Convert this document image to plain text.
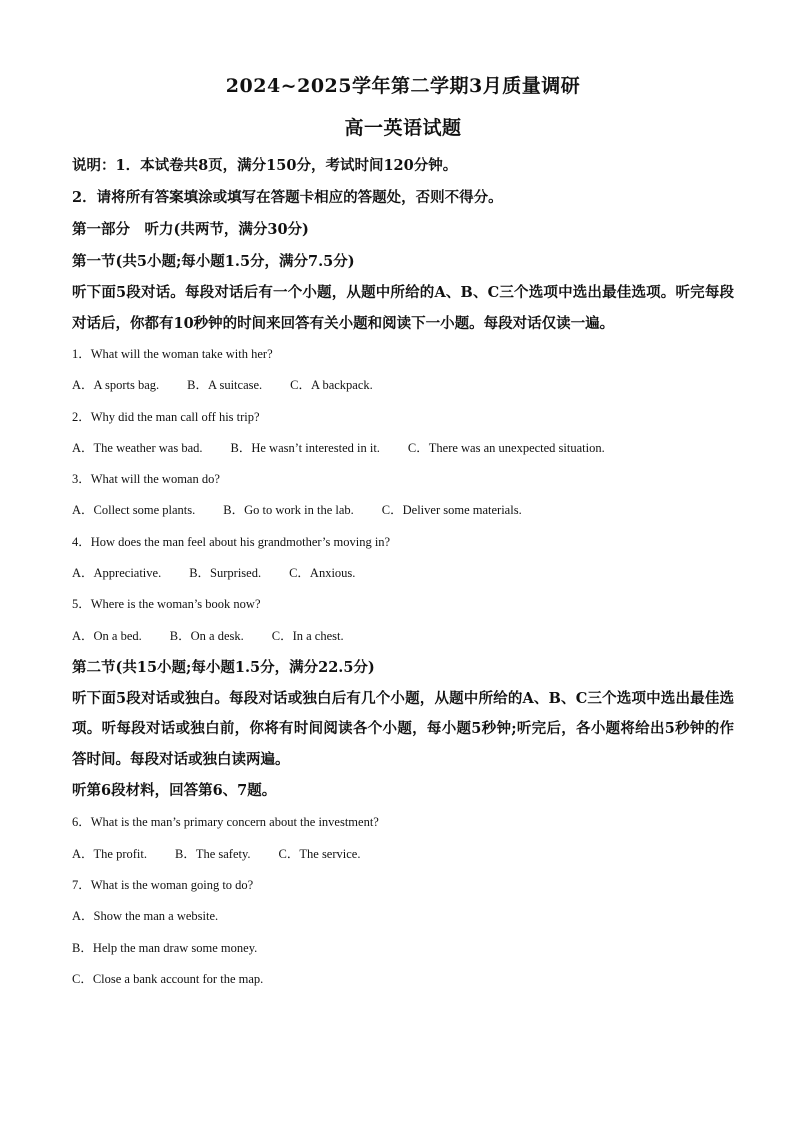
2024~2025学年第二学期3月质量调研
高一英语试题

说明：1．本试卷共8页，满分150分，考试时间120分钟。

2．请将所有答案填涂或填写在答题卡相应的答题处，否则不得分。

第一部分　听力(共两节，满分30分)

第一节(共5小题;每小题1.5分，满分7.5分)

听下面5段对话。每段对话后有一个小题，从题中所给的A、B、C三个选项中选出最佳选项。听完每段对话后，你都有10秒钟的时间来回答有关小题和阅读下一小题。每段对话仅读一遍。

1．What will the woman take with her?

A．A sports bag. B．A suitcase. C．A backpack.

2．Why did the man call off his trip?

A．The weather was bad. B．He wasn’t interested in it. C．There was an unexpected situation.

3．What will the woman do?

A．Collect some plants. B．Go to work in the lab. C．Deliver some materials.

4．How does the man feel about his grandmother’s moving in?

A．Appreciative. B．Surprised. C．Anxious.

5．Where is the woman’s book now?

A．On a bed. B．On a desk. C．In a chest.

第二节(共15小题;每小题1.5分，满分22.5分)

听下面5段对话或独白。每段对话或独白后有几个小题，从题中所给的A、B、C三个选项中选出最佳选项。听每段对话或独白前，你将有时间阅读各个小题，每小题5秒钟;听完后，各小题将给出5秒钟的作答时间。每段对话或独白读两遍。

听第6段材料，回答第6、7题。

6．What is the man’s primary concern about the investment?

A．The profit. B．The safety. C．The service.

7．What is the woman going to do?

A．Show the man a website.

B．Help the man draw some money.

C．Close a bank account for the map.
